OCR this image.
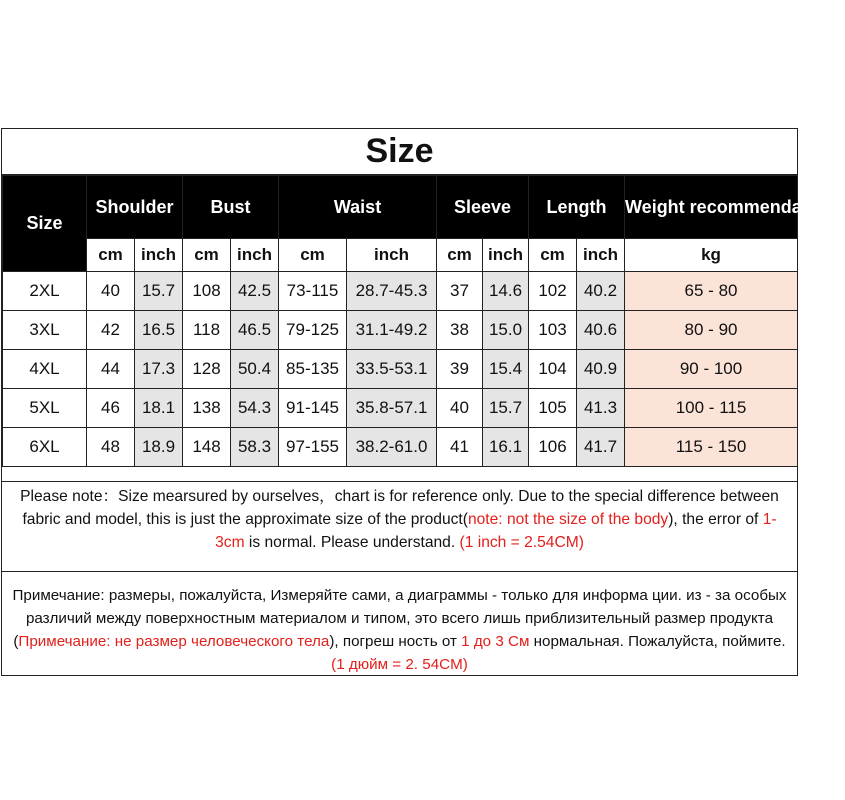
Size
Size	Shoulder		Bust		Waist		Sleeve		Length		Weight recommendations
	cm	inch	cm	inch	cm	inch	cm	inch	cm	inch	kg
2XL	40	15.7	108	42.5	73-115	28.7-45.3	37	14.6	102	40.2	65 - 80
3XL	42	16.5	118	46.5	79-125	31.1-49.2	38	15.0	103	40.6	80 - 90
4XL	44	17.3	128	50.4	85-135	33.5-53.1	39	15.4	104	40.9	90 - 100
5XL	46	18.1	138	54.3	91-145	35.8-57.1	40	15.7	105	41.3	100 - 115
6XL	48	18.9	148	58.3	97-155	38.2-61.0	41	16.1	106	41.7	115 - 150
Please note：Size mearsured by ourselves，chart is for reference only. Due to the special difference between fabric and model, this is just the approximate size of the product(note: not the size of the body), the error of 1-3cm is normal. Please understand. (1 inch = 2.54CM)
Примечание: размеры, пожалуйста, Измеряйте сами, а диаграммы - только для информа ции. из - за особых различий между поверхностным материалом и типом, это всего лишь приблизительный размер продукта (Примечание: не размер человеческого тела), погреш ность от 1 до 3 См нормальная. Пожалуйста, поймите. (1 дюйм = 2. 54CM)
